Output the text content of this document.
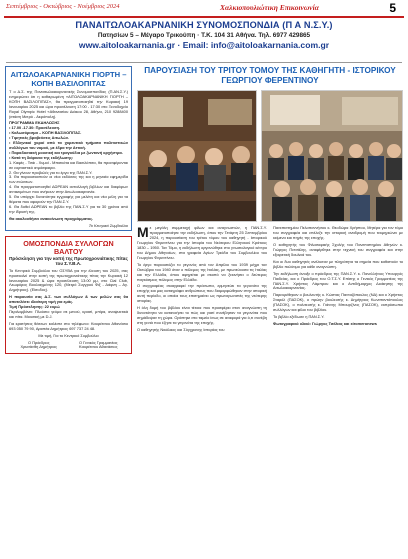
Σεπτέμβριος - Οκτώβριος - Νοέμβριος 2024	Χαλκιοπουλιώτικη Επικοινωνία	5
ΠΑΝΑΙΤΩΛΟΑΚΑΡΝΑΝΙΚΗ ΣΥΝΟΜΟΣΠΟΝΔΙΑ (Π Α Ν.Σ.Υ.)
Πατησίων 5 – Μέγαρο Τρικούπη · Τ.Κ. 104 31 Αθήνα. Τηλ. 6977 429865
www.aitoloakarnania.gr · Email: info@aitoloakarnania.com.gr
ΑΙΤΩΛΟΑΚΑΡΝΑΝΙΚΗ ΓΙΟΡΤΗ – ΚΟΠΗ ΒΑΣΙΛΟΠΙΤΑΣ

Τ ο Δ.Σ. της Παναιτωλοακαρνανικής Συνομοσπονδίας (Π.ΑΝ.Σ.Υ.) ενημερώνει ότι η καθιερωμένη «ΑΙΤΩΛΟΑΚΑΡΝΑΝΙΚΗ ΓΙΟΡΤΗ – ΚΟΠΗ ΒΑΣΙΛΟΠΙΤΑΣ», θα πραγματοποιηθεί την Κυριακή 19 Ιανουαρίου 2025 και ώρα προσέλευση 17:00 - 17:30 στο Ξενοδοχείο Royal Olympic Hotel «Αθανασίου Διάκου 28, Αθήνα, 210 9288400 (στάση Μετρό - Ακρόπολη).

ΠΡΟΓΡΑΜΜΑ ΕΚΔΗΛΩΣΗΣ

• 17.00 -17.30: Προσέλευση.

• Καλωσόρισμα – ΚΟΠΗ ΒΑΣΙΛΟΠΙΤΑΣ.

• Τιμητικές βραβεύσεις Αιτωλών.

• Ελληνικοί χοροί από τα χορευτικά τμήματα πολιτιστικών συλλόγων του νομού, με έδρα την Αττική.

• Παραδοσιακή μουσική και τραγούδια με ζωντανή ορχήστρα.

• Κατά τη διάρκεια της εκδήλωσης:

1. Καφές - Τσάι - Χυμοί - Μπισκότα και Βασιλόπιτα, θα προσφέρονται σε εορταστικό ατμόσφαιρα.

2. Θα γίνουν προβολές για το έργο της ΠΑΝ.Σ.Υ.

3. Θα παρουσιαστούν οι νέοι εκδόσεις της και η μηνιαία εφημερίδα των ενώσεων.

4. Θα πραγματοποιηθεί ΔΩΡΕΑΝ ανταλλαγή βιβλίων και διαφόρων αντικειμένων που ανήκουν στην Αιτωλοακαρνανία.

5. Θα υπάρχει δυνατότητα εγγραφής για μελέτη και νέα μέλη για τα θέματα που αφορούν την ΠΑΝ.Σ.Υ.

6. Θα δοθεί ΔΩΡΕΑΝ το βιβλίο της ΠΑΝ.Σ.Υ για τα 30 χρόνια από την ίδρυσή της.

Θα ακολουθήσει ανακοίνωση προγράμματος.

Το Κεντρικό Συμβούλιο
ΟΜΟΣΠΟΝΔΙΑ ΣΥΛΛΟΓΩΝ ΒΑΛΤΟΥ
Πρόσκληση για την κοπή της Πρωτοχρονιάτικης πίτας του Σ.Υ.Β.Α.

Το Κεντρικό Συμβούλιο του ΟΣΥΒΑ για την έλευση του 2025, σας προσκαλεί στην κοπή της πρωτοχρονιάτικης πίτας την Κυριακή 12 Ιανουαρίου 2025 & ώρα προσέλευση 13:00 μμ, στο Cial Club, Λεωφόρος Βουλιαγμένης 120, (Μετρό Συγγρού Φιξ - Δάφνη – Αγ. Δημήτριος). (Είσοδος).

Η παρουσία σας Δ.Σ. των συλλόγων & των μελών σας θα αποτελέσει ιδιαίτερη τιμή για εμάς.

Τιμή Πρόσκλησης: 22 ευρώ

Περιλαμβάνει: Πλούσιο γεύμα σε μενού, κρασί, μπίρα, αναψυκτικά και πίτα. Μουσική με D.J.

Για κρατήσεις θέσεων καλέστε στο τηλέφωνο: Καυρέτσου Αθανάσιο 693 050 79 90, Αριστέα Δημήτριος 697 737 24 48.

Με τιμή, Για το Κεντρικό Συμβούλιο

Ο Πρόεδρος	Ο Γενικός Γραμματέας
Χρυσάνθη Δημήτριος	Καυρέτσου Αθανάσιος
ΠΑΡΟΥΣΙΑΣΗ ΤΟΥ ΤΡΙΤΟΥ ΤΟΜΟΥ ΤΗΣ ΚΑΘΗΓΗΤΗ - ΙΣΤΟΡΙΚΟΥ ΓΕΩΡΓΙΟΥ ΦΕΡΕΝΤΙΝΟΥ

Με μεγάλη συμμετοχή φίλων και αναγνωστών, η ΠΑΝ.Σ.Υ. πραγματοποίησε την εκδήλωση, όπου την Τετάρτη 25 Σεπτεμβρίου 2024, η παρουσίαση του τρίτου τόμου του καθηγητή - Ιστορικού Γεωργίου Φερεντίνου για την Ιστορία του Νεότερου Ελληνικού Κράτους 1830 – 1950. Τον Τόμο, η εκδήλωση οργανώθηκε στο γνωσιολογικό κέντρο του Δήμου Αθηναίων, στα γραφεία Αγίων Τριάδα του Συμβουλίου του Γεωργίου Φερεντίνου.

Το έργο παρουσιάζει το γεγονός από τον Απρίλιο του 1939 μέχρι τον Οκτώβριο του 1940 όταν ο πόλεμος της Ιταλίας, με πρωτεύουσα τις Ιταλίας και την Ελλάδα, όπου αφηγείται με σκοπό να ξεκινήσει ο δεύτερος παγκόσμιος πόλεμος στην Ελλάδα.

Ο συγγραφέας σκιαγραφεί την πρόσωπα, ερμηνεύει τα γεγονότα της εποχής και μας καταγράφει ανθρώπους που διαμορφώθηκαν στην ιστορική αυτή περίοδο, οι οποίοι τους επισημαίνει ως πρωταγωνιστές της νεότερης ιστορίας.

Η όλη δομή του βιβλίου είναι τέτοια που προσφέρει στον αναγνώστη τη δυνατότητα να κατανοήσει το πώς και γιατί συνέβησαν τα γεγονότα που σημάδεψαν τη χώρα. Ορίστηκε στο ταμείο ίσως σε αναφορά για ό,τι συνέβη στη γενιά που έζησε τα γεγονότα της εποχής.

Ο καθηγητής Νικόλαος και Σύγχρονης Ιστορίας του

Πανεπιστημίου Πελοποννήσου κ. Θεοδώρα Χρήστου, Μητέρα για τον τόμο του συγγραφέα και επέλεξε την ιστορική αναδρομή που τεκμηριώνει με κείμενα και πηγές της εποχής.

Ο καθηγητής του Φιλοσοφικής Σχολής του Πανεπιστημίου Αθηνών κ. Γιώργος Πετσάλης, αναφέρθηκε στην τεχνική του συγγραφέα και στην εξαιρετική δουλειά του.

Και οι δυο καθηγητές ανέλυσαν με πληρότητα τα σημεία που καθιστούν το βιβλίο πολύτιμο για κάθε αναγνώστη.

Την εκδήλωση άνοιξε ο πρόεδρος της ΠΑΝ.Σ.Υ. κ. Πανελλήνιος Υπουργός Παιδείας, και ο Πρόεδρος του Ο.Τ.Σ.Υ. Επίσης ο Γενικός Γραμματέας της ΠΑΝ.Σ.Υ. Χρήστος Λάμπρου και ο Αντιδήμαρχος Διοίκησης της Αιτωλοακαρνανίας.

Παρευρέθηκαν ο βουλευτής κ. Κώστας Πανταζόπουλος (ΝΔ) και ο Χρήστος Σταρόλ (ΠΑΣΟΚ), ο πρώην βουλευτής κ. Δημήτριος Κωνσταντόπουλος (ΠΑΣΟΚ), ο πολιτευτής κ. Γιάννης Μπουρζίνος (ΠΑΣΟΚ), εκπρόσωποι συλλόγων και φίλοι του βιβλίου.

Το βιβλίο εξέδωσε η ΠΑΝ.Σ.Υ.

Φωτογραφικό υλικό: Γιώργος Τσέλιας και xiromeronews
